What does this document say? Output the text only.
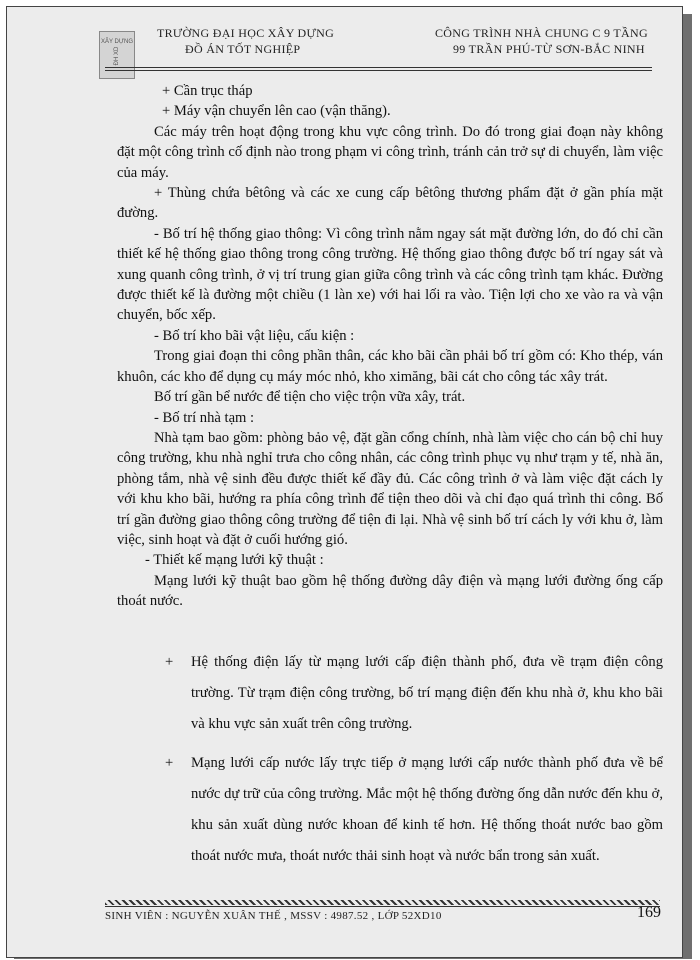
XÂY DỰNG
ĐH XD
TRƯỜNG ĐẠI HỌC XÂY DỰNG
ĐỒ ÁN TỐT NGHIỆP
CÔNG TRÌNH NHÀ CHUNG C 9 TẦNG
99 TRẦN PHÚ-TỪ SƠN-BẮC NINH

+ Cần trục tháp

+ Máy vận chuyển lên cao (vận thăng).

Các máy trên hoạt động trong khu vực công trình. Do đó trong giai đoạn này không đặt một công trình cố định nào trong phạm vi công trình, tránh cản trở sự di chuyển, làm việc của máy.

+ Thùng chứa bêtông và các xe cung cấp bêtông thương phẩm đặt ở gần phía mặt đường.

- Bố trí hệ thống giao thông: Vì công trình nằm ngay sát mặt đường lớn, do đó chỉ cần thiết kế hệ thống giao thông trong công trường. Hệ thống giao thông được bố trí ngay sát và xung quanh công trình, ở vị trí trung gian giữa công trình và các công trình tạm khác. Đường được thiết kế là đường một chiều (1 làn xe) với hai lối ra vào. Tiện lợi cho xe vào ra và vận chuyển, bốc xếp.

- Bố trí kho bãi vật liệu, cấu kiện :

Trong giai đoạn thi công phần thân, các kho bãi cần phải bố trí gồm có: Kho thép, ván khuôn, các kho để dụng cụ máy móc nhỏ, kho ximăng, bãi cát cho công tác xây trát.

Bố trí gần bể nước để tiện cho việc trộn vữa xây, trát.

- Bố trí nhà tạm :

Nhà tạm bao gồm: phòng bảo vệ, đặt gần cổng chính, nhà làm việc cho cán bộ chỉ huy công trường, khu nhà nghỉ trưa cho công nhân, các công trình phục vụ như trạm y tế, nhà ăn, phòng tắm, nhà vệ sinh đều được thiết kế đầy đủ. Các công trình ở và làm việc đặt cách ly với khu kho bãi, hướng ra phía công trình để tiện theo dõi và chỉ đạo quá trình thi công. Bố trí gần đường giao thông công trường để tiện đi lại. Nhà vệ sinh bố trí cách ly với khu ở, làm việc, sinh hoạt và đặt ở cuối hướng gió.

- Thiết kế mạng lưới kỹ thuật :

Mạng lưới kỹ thuật bao gồm hệ thống đường dây điện và mạng lưới đường ống cấp thoát nước.

+ Hệ thống điện lấy từ mạng lưới cấp điện thành phố, đưa về trạm điện công trường. Từ trạm điện công trường, bố trí mạng điện đến khu nhà ở, khu kho bãi và khu vực sản xuất trên công trường.
+ Mạng lưới cấp nước lấy trực tiếp ở mạng lưới cấp nước thành phố đưa về bể nước dự trữ của công trường. Mắc một hệ thống đường ống dẫn nước đến khu ở, khu sản xuất dùng nước khoan để kinh tế hơn. Hệ thống thoát nước bao gồm thoát nước mưa, thoát nước thải sinh hoạt và nước bẩn trong sản xuất.
SINH VIÊN : NGUYỄN XUÂN THẾ , MSSV : 4987.52 , LỚP 52XD10	169
